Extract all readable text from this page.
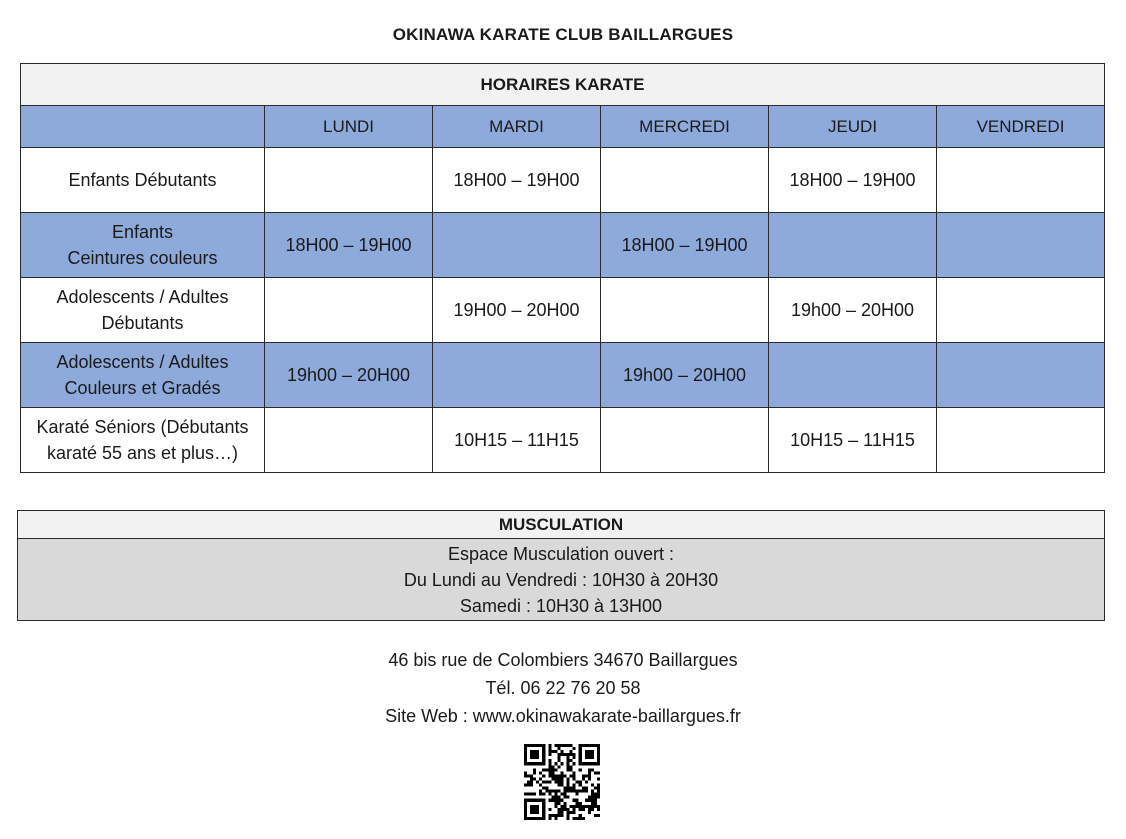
OKINAWA KARATE CLUB BAILLARGUES
HORAIRES KARATE					
	LUNDI	MARDI	MERCREDI	JEUDI	VENDREDI

Enfants Débutants		18H00 – 19H00		18H00 – 19H00	

Enfants
Ceintures couleurs	18H00 – 19H00		18H00 – 19H00		

Adolescents / Adultes
Débutants		19H00 – 20H00		19h00 – 20H00	

Adolescents / Adultes
Couleurs et Gradés	19h00 – 20H00		19h00 – 20H00		

Karaté Séniors (Débutants
karaté 55 ans et plus…)		10H15 – 11H15		10H15 – 11H15	
MUSCULATION
Espace Musculation ouvert :
Du Lundi au Vendredi : 10H30 à 20H30
Samedi : 10H30 à 13H00
46 bis rue de Colombiers 34670 Baillargues
Tél. 06 22 76 20 58
Site Web : www.okinawakarate-baillargues.fr
